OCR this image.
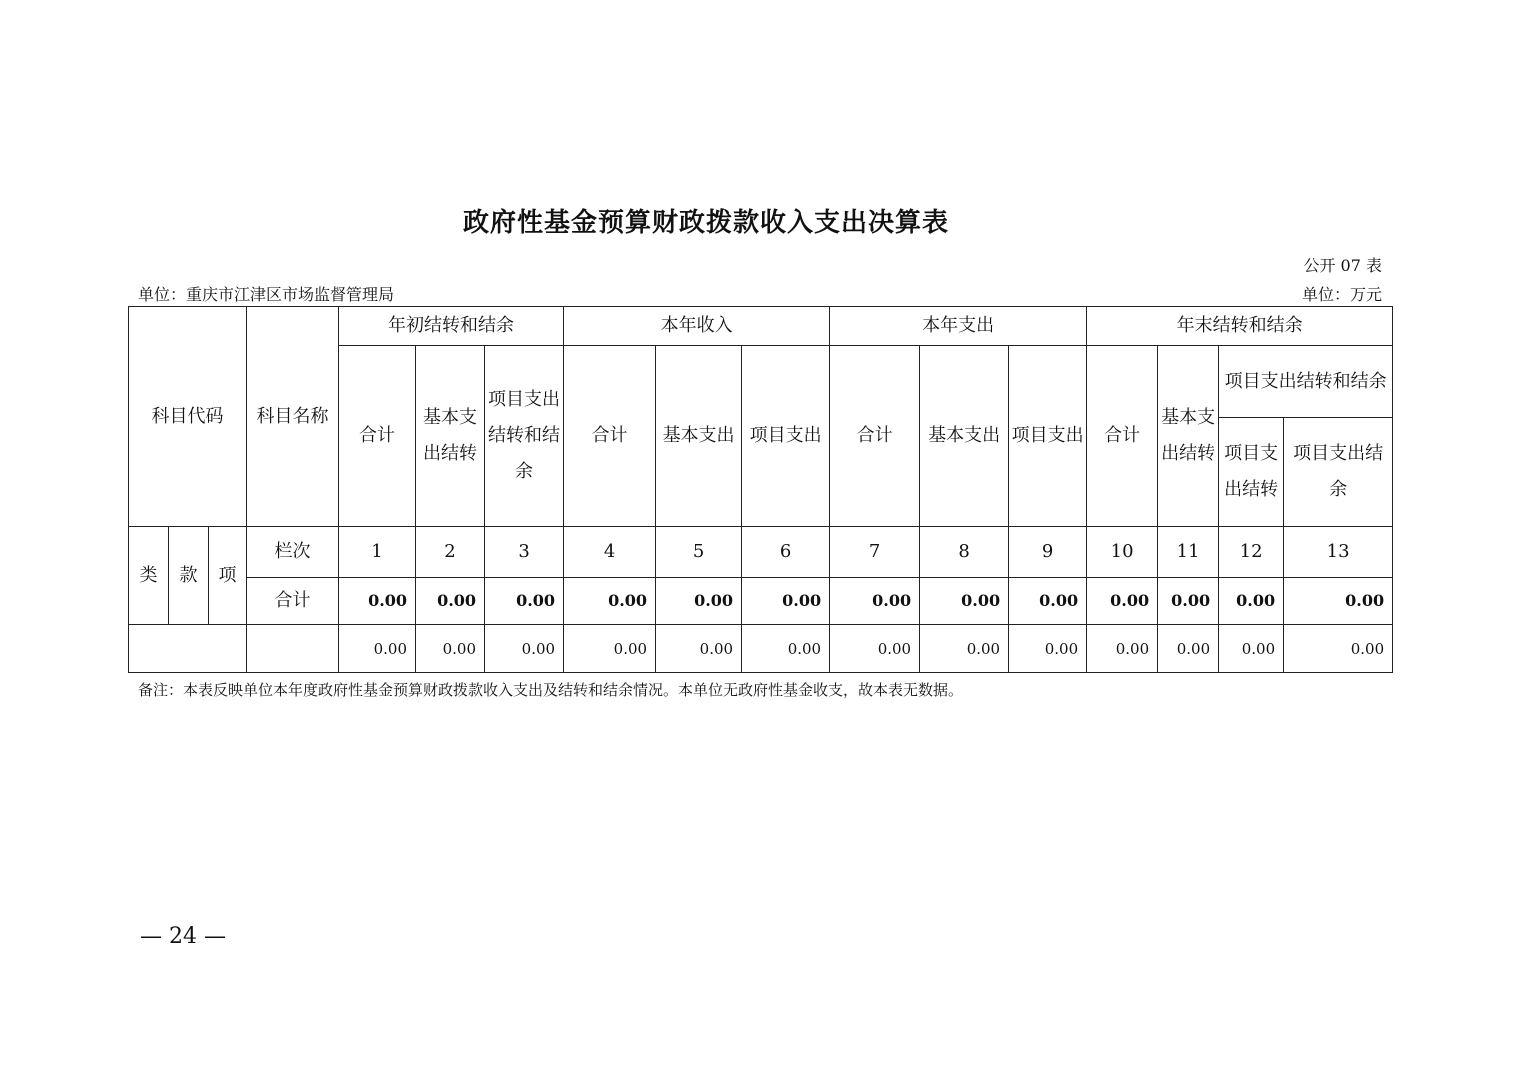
政府性基金预算财政拨款收入支出决算表
公开 07 表
单位：重庆市江津区市场监督管理局	单位：万元
科目代码			科目名称	年初结转和结余			本年收入			本年支出			年末结转和结余			
				合计	基本支出结转	项目支出结转和结余	合计	基本支出	项目支出	合计	基本支出	项目支出	合计	基本支出结转	项目支出结转和结余	
															项目支出结转	项目支出结余
类	款	项	栏次	1	2	3	4	5	6	7	8	9	10	11	12	13
			合计	0.00	0.00	0.00	0.00	0.00	0.00	0.00	0.00	0.00	0.00	0.00	0.00	0.00
				0.00	0.00	0.00	0.00	0.00	0.00	0.00	0.00	0.00	0.00	0.00	0.00	0.00
备注：本表反映单位本年度政府性基金预算财政拨款收入支出及结转和结余情况。本单位无政府性基金收支，故本表无数据。
— 24 —
